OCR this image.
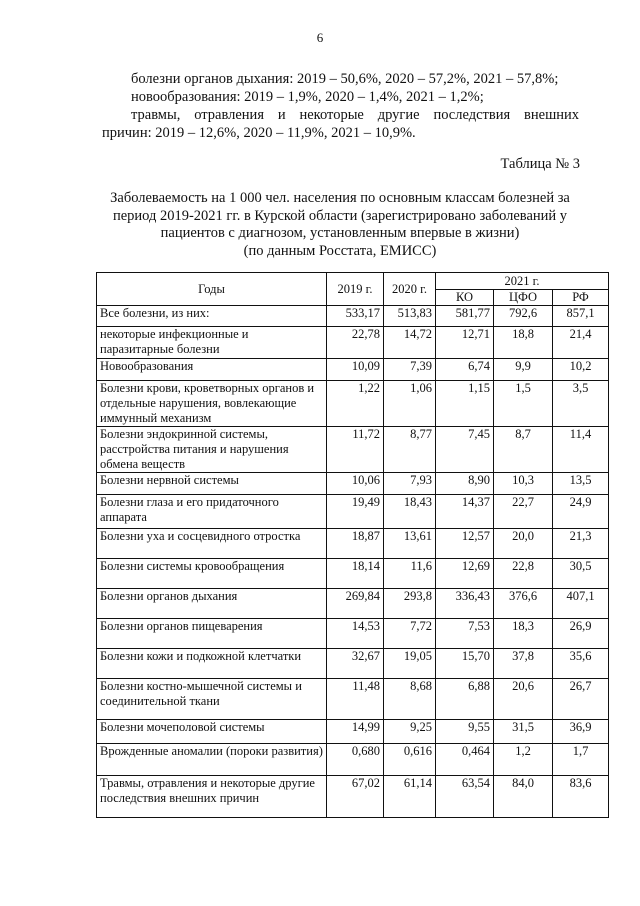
6
болезни органов дыхания: 2019 – 50,6%, 2020 – 57,2%, 2021 – 57,8%;
новообразования: 2019 – 1,9%, 2020 – 1,4%, 2021 – 1,2%;
травмы, отравления и некоторые другие последствия внешних
причин: 2019 – 12,6%, 2020 – 11,9%, 2021 – 10,9%.
Таблица № 3
Заболеваемость на 1 000 чел. населения по основным классам болезней за
период 2019-2021 гг. в Курской области (зарегистрировано заболеваний у
пациентов с диагнозом, установленным впервые в жизни)
(по данным Росстата, ЕМИСС)
Годы	2019 г.	2020 г.	2021 г.		
			КО	ЦФО	РФ
Все болезни, из них:	533,17	513,83	581,77	792,6	857,1
некоторые инфекционные и паразитарные болезни	22,78	14,72	12,71	18,8	21,4
Новообразования	10,09	7,39	6,74	9,9	10,2
Болезни крови, кроветворных органов и отдельные нарушения, вовлекающие иммунный механизм	1,22	1,06	1,15	1,5	3,5
Болезни эндокринной системы, расстройства питания и нарушения обмена веществ	11,72	8,77	7,45	8,7	11,4
Болезни нервной системы	10,06	7,93	8,90	10,3	13,5
Болезни глаза и его придаточного аппарата	19,49	18,43	14,37	22,7	24,9
Болезни уха и сосцевидного отростка	18,87	13,61	12,57	20,0	21,3
Болезни системы кровообращения	18,14	11,6	12,69	22,8	30,5
Болезни органов дыхания	269,84	293,8	336,43	376,6	407,1
Болезни органов пищеварения	14,53	7,72	7,53	18,3	26,9
Болезни кожи и подкожной клетчатки	32,67	19,05	15,70	37,8	35,6
Болезни костно-мышечной системы и соединительной ткани	11,48	8,68	6,88	20,6	26,7
Болезни мочеполовой системы	14,99	9,25	9,55	31,5	36,9
Врожденные аномалии (пороки развития)	0,680	0,616	0,464	1,2	1,7
Травмы, отравления и некоторые другие последствия внешних причин	67,02	61,14	63,54	84,0	83,6
